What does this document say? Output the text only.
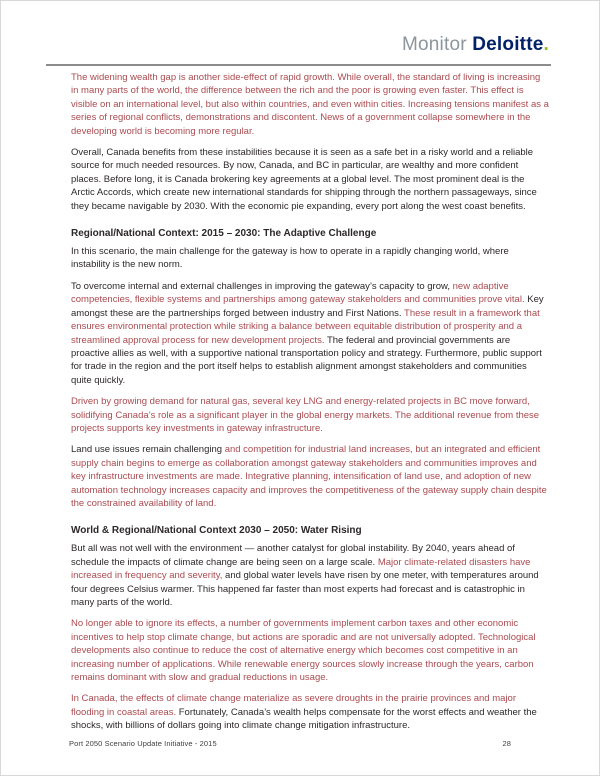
Monitor Deloitte.

The widening wealth gap is another side-effect of rapid growth. While overall, the standard of living is increasing in many parts of the world, the difference between the rich and the poor is growing even faster. This effect is visible on an international level, but also within countries, and even within cities. Increasing tensions manifest as a series of regional conflicts, demonstrations and discontent. News of a government collapse somewhere in the developing world is becoming more regular.

Overall, Canada benefits from these instabilities because it is seen as a safe bet in a risky world and a reliable source for much needed resources. By now, Canada, and BC in particular, are wealthy and more confident places. Before long, it is Canada brokering key agreements at a global level. The most prominent deal is the Arctic Accords, which create new international standards for shipping through the northern passageways, since they became navigable by 2030. With the economic pie expanding, every port along the west coast benefits.

Regional/National Context: 2015 – 2030: The Adaptive Challenge

In this scenario, the main challenge for the gateway is how to operate in a rapidly changing world, where instability is the new norm.

To overcome internal and external challenges in improving the gateway’s capacity to grow, new adaptive competencies, flexible systems and partnerships among gateway stakeholders and communities prove vital. Key amongst these are the partnerships forged between industry and First Nations. These result in a framework that ensures environmental protection while striking a balance between equitable distribution of prosperity and a streamlined approval process for new development projects. The federal and provincial governments are proactive allies as well, with a supportive national transportation policy and strategy. Furthermore, public support for trade in the region and the port itself helps to establish alignment amongst stakeholders and communities quite quickly.

Driven by growing demand for natural gas, several key LNG and energy-related projects in BC move forward, solidifying Canada’s role as a significant player in the global energy markets. The additional revenue from these projects supports key investments in gateway infrastructure.

Land use issues remain challenging and competition for industrial land increases, but an integrated and efficient supply chain begins to emerge as collaboration amongst gateway stakeholders and communities improves and key infrastructure investments are made. Integrative planning, intensification of land use, and adoption of new automation technology increases capacity and improves the competitiveness of the gateway supply chain despite the constrained availability of land.

World & Regional/National Context 2030 – 2050: Water Rising

But all was not well with the environment — another catalyst for global instability. By 2040, years ahead of schedule the impacts of climate change are being seen on a large scale. Major climate-related disasters have increased in frequency and severity, and global water levels have risen by one meter, with temperatures around four degrees Celsius warmer. This happened far faster than most experts had forecast and is catastrophic in many parts of the world.

No longer able to ignore its effects, a number of governments implement carbon taxes and other economic incentives to help stop climate change, but actions are sporadic and are not universally adopted. Technological developments also continue to reduce the cost of alternative energy which becomes cost competitive in an increasing number of applications. While renewable energy sources slowly increase through the years, carbon remains dominant with slow and gradual reductions in usage.

In Canada, the effects of climate change materialize as severe droughts in the prairie provinces and major flooding in coastal areas. Fortunately, Canada’s wealth helps compensate for the worst effects and weather the shocks, with billions of dollars going into climate change mitigation infrastructure.

Port 2050 Scenario Update Initiative - 2015	28
